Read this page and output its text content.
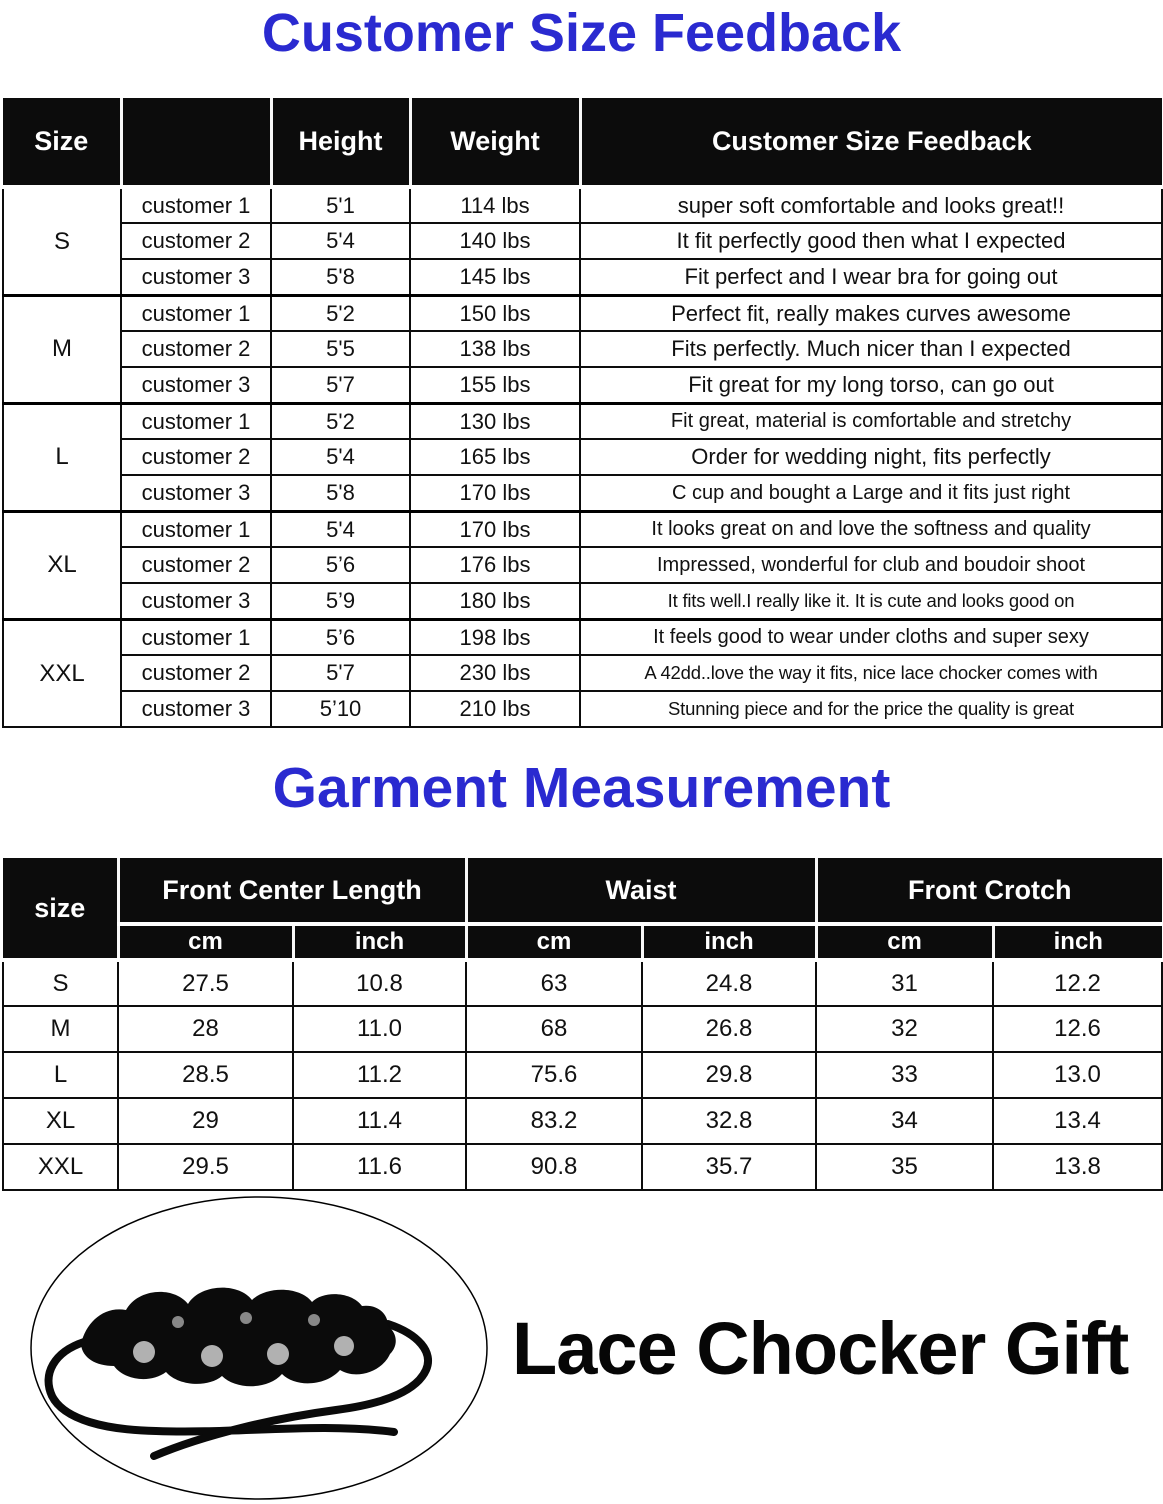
Customer Size Feedback
Size		Height	Weight	Customer Size Feedback
S	customer 1	5'1	114 lbs	super soft comfortable and looks great!!
	customer 2	5'4	140 lbs	It fit perfectly good then what I expected
	customer 3	5'8	145 lbs	Fit perfect and I wear bra for going out
M	customer 1	5'2	150 lbs	Perfect fit, really makes curves awesome
	customer 2	5'5	138 lbs	Fits perfectly. Much nicer than I expected
	customer 3	5'7	155 lbs	Fit great for my long torso, can go out
L	customer 1	5'2	130 lbs	Fit great, material is comfortable and stretchy
	customer 2	5'4	165 lbs	Order for wedding night, fits perfectly
	customer 3	5'8	170 lbs	C cup and bought a Large and it fits just right
XL	customer 1	5'4	170 lbs	It looks great on and love the softness and quality
	customer 2	5’6	176 lbs	Impressed, wonderful for club and boudoir shoot
	customer 3	5’9	180 lbs	It fits well.I really like it. It is cute and looks good on
XXL	customer 1	5’6	198 lbs	It feels good to wear under cloths and super sexy
	customer 2	5'7	230 lbs	A 42dd..love the way it fits, nice lace chocker comes with
	customer 3	5’10	210 lbs	Stunning piece and for the price the quality is great
Garment Measurement
size	Front Center Length		Waist		Front Crotch	
	cm	inch	cm	inch	cm	inch
S	27.5	10.8	63	24.8	31	12.2
M	28	11.0	68	26.8	32	12.6
L	28.5	11.2	75.6	29.8	33	13.0
XL	29	11.4	83.2	32.8	34	13.4
XXL	29.5	11.6	90.8	35.7	35	13.8
Lace Chocker Gift
